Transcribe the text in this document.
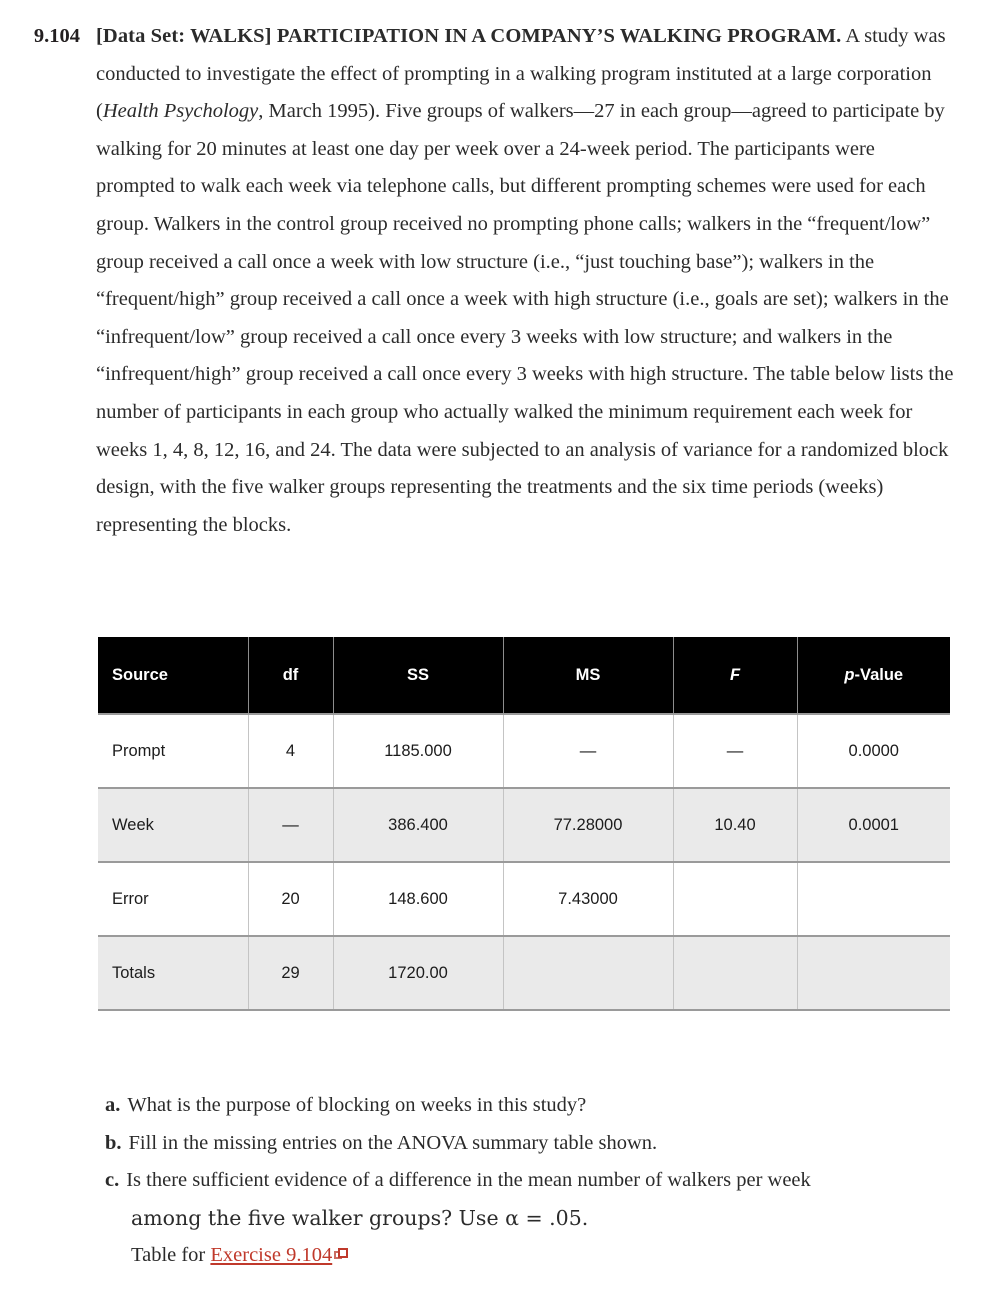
9.104 [Data Set: WALKS] PARTICIPATION IN A COMPANY’S WALKING PROGRAM. A study was conducted to investigate the effect of prompting in a walking program instituted at a large corporation (Health Psychology, March 1995). Five groups of walkers—27 in each group—agreed to participate by walking for 20 minutes at least one day per week over a 24-week period. The participants were prompted to walk each week via telephone calls, but different prompting schemes were used for each group. Walkers in the control group received no prompting phone calls; walkers in the “frequent/low” group received a call once a week with low structure (i.e., “just touching base”); walkers in the “frequent/high” group received a call once a week with high structure (i.e., goals are set); walkers in the “infrequent/low” group received a call once every 3 weeks with low structure; and walkers in the “infrequent/high” group received a call once every 3 weeks with high structure. The table below lists the number of participants in each group who actually walked the minimum requirement each week for weeks 1, 4, 8, 12, 16, and 24. The data were subjected to an analysis of variance for a randomized block design, with the five walker groups representing the treatments and the six time periods (weeks) representing the blocks.
Source	df	SS	MS	F	p-Value
Prompt	4	1185.000	—	—	0.0000
Week	—	386.400	77.28000	10.40	0.0001
Error	20	148.600	7.43000		
Totals	29	1720.00			
a. What is the purpose of blocking on weeks in this study?
b. Fill in the missing entries on the ANOVA summary table shown.
c. Is there sufficient evidence of a difference in the mean number of walkers per week
among the five walker groups? Use α = .05.
Table for Exercise 9.104
